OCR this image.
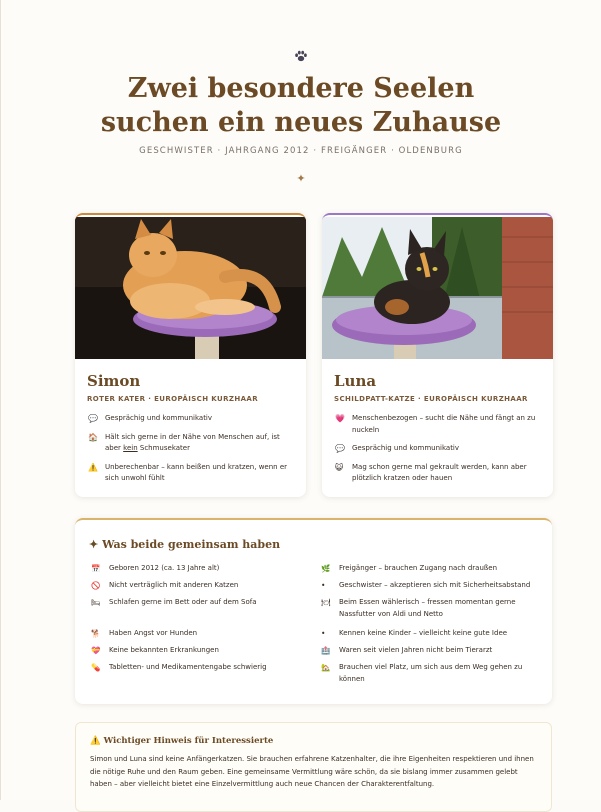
Zwei besondere Seelen
suchen ein neues Zuhause
GESCHWISTER · JAHRGANG 2012 · FREIGÄNGER · OLDENBURG
✦
Simon
ROTER KATER · EUROPÄISCH KURZHAAR
💬 Gesprächig und kommunikativ
🏠 Hält sich gerne in der Nähe von Menschen auf, ist aber kein Schmusekater
⚠️ Unberechenbar – kann beißen und kratzen, wenn er sich unwohl fühlt
Luna
SCHILDPATT-KATZE · EUROPÄISCH KURZHAAR
💗 Menschenbezogen – sucht die Nähe und fängt an zu nuckeln
💬 Gesprächig und kommunikativ
😺 Mag schon gerne mal gekrault werden, kann aber plötzlich kratzen oder hauen
✦ Was beide gemeinsam haben
📅 Geboren 2012 (ca. 13 Jahre alt)
🚫 Nicht verträglich mit anderen Katzen
🛏 Schlafen gerne im Bett oder auf dem Sofa
🐕 Haben Angst vor Hunden
💝 Keine bekannten Erkrankungen
💊 Tabletten- und Medikamentengabe schwierig
🌿 Freigänger – brauchen Zugang nach draußen
• Geschwister – akzeptieren sich mit Sicherheitsabstand
🍽 Beim Essen wählerisch – fressen momentan gerne Nassfutter von Aldi und Netto
• Kennen keine Kinder – vielleicht keine gute Idee
🏥 Waren seit vielen Jahren nicht beim Tierarzt
🏡 Brauchen viel Platz, um sich aus dem Weg gehen zu können
⚠️ Wichtiger Hinweis für Interessierte
Simon und Luna sind keine Anfängerkatzen. Sie brauchen erfahrene Katzenhalter, die ihre Eigenheiten respektieren und ihnen die nötige Ruhe und den Raum geben. Eine gemeinsame Vermittlung wäre schön, da sie bislang immer zusammen gelebt haben – aber vielleicht bietet eine Einzelvermittlung auch neue Chancen der Charakterentfaltung.
